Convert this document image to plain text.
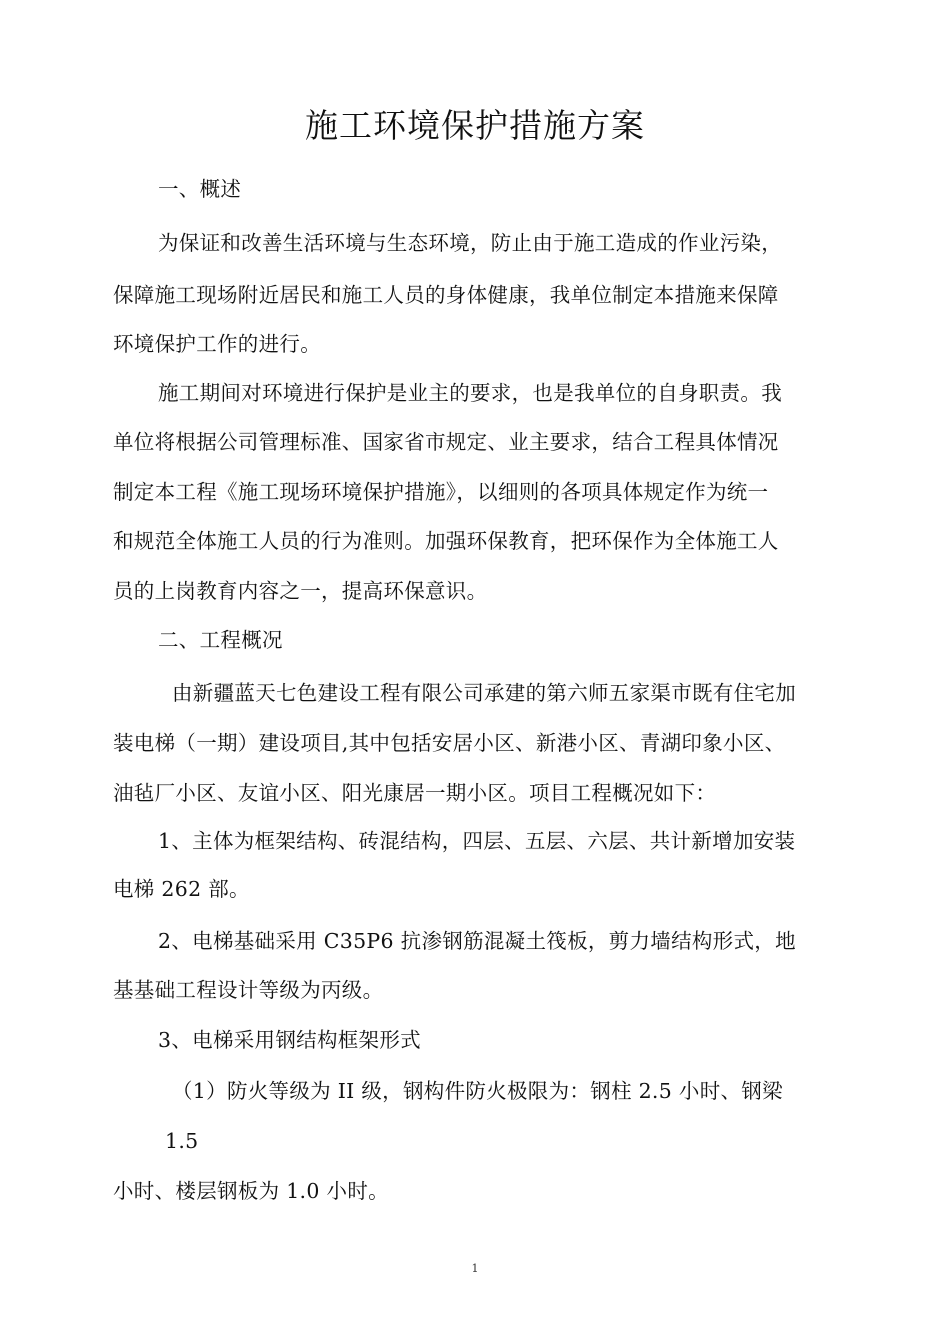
施工环境保护措施方案
一、概述
为保证和改善生活环境与生态环境，防止由于施工造成的作业污染，
保障施工现场附近居民和施工人员的身体健康，我单位制定本措施来保障
环境保护工作的进行。
施工期间对环境进行保护是业主的要求，也是我单位的自身职责。我
单位将根据公司管理标准、国家省市规定、业主要求，结合工程具体情况
制定本工程《施工现场环境保护措施》，以细则的各项具体规定作为统一
和规范全体施工人员的行为准则。加强环保教育，把环保作为全体施工人
员的上岗教育内容之一，提高环保意识。
二、工程概况
由新疆蓝天七色建设工程有限公司承建的第六师五家渠市既有住宅加
装电梯（一期）建设项目,其中包括安居小区、新港小区、青湖印象小区、
油毡厂小区、友谊小区、阳光康居一期小区。项目工程概况如下：
1、主体为框架结构、砖混结构，四层、五层、六层、共计新增加安装
电梯 262 部。
2、电梯基础采用 C35P6 抗渗钢筋混凝土筏板，剪力墙结构形式，地
基基础工程设计等级为丙级。
3、电梯采用钢结构框架形式
（1）防火等级为 II 级，钢构件防火极限为：钢柱 2.5 小时、钢梁
1.5
小时、楼层钢板为 1.0 小时。
1
